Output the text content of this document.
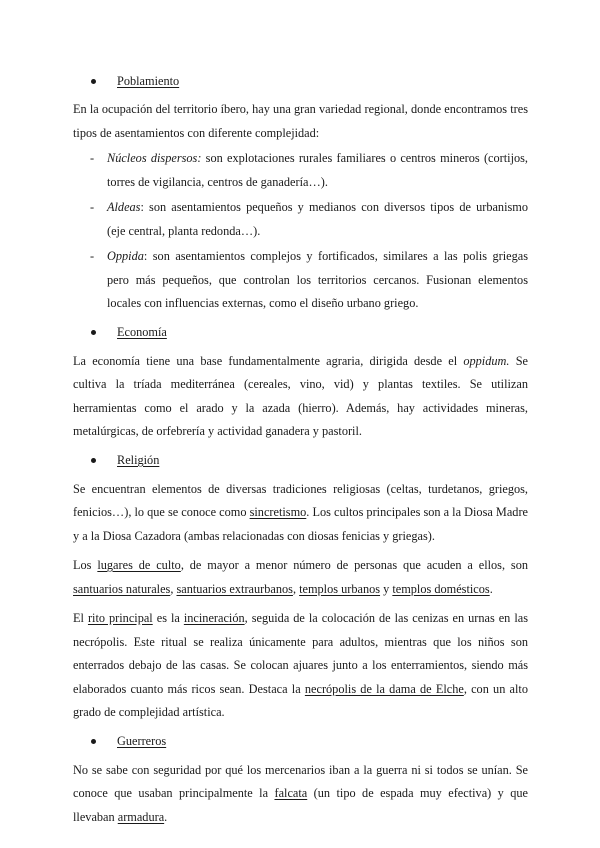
Poblamiento

En la ocupación del territorio íbero, hay una gran variedad regional, donde encontramos tres tipos de asentamientos con diferente complejidad:

- Núcleos dispersos: son explotaciones rurales familiares o centros mineros (cortijos, torres de vigilancia, centros de ganadería…).
- Aldeas: son asentamientos pequeños y medianos con diversos tipos de urbanismo (eje central, planta redonda…).
- Oppida: son asentamientos complejos y fortificados, similares a las polis griegas pero más pequeños, que controlan los territorios cercanos. Fusionan elementos locales con influencias externas, como el diseño urbano griego.
Economía

La economía tiene una base fundamentalmente agraria, dirigida desde el oppidum. Se cultiva la tríada mediterránea (cereales, vino, vid) y plantas textiles. Se utilizan herramientas como el arado y la azada (hierro). Además, hay actividades mineras, metalúrgicas, de orfebrería y actividad ganadera y pastoril.

Religión

Se encuentran elementos de diversas tradiciones religiosas (celtas, turdetanos, griegos, fenicios…), lo que se conoce como sincretismo. Los cultos principales son a la Diosa Madre y a la Diosa Cazadora (ambas relacionadas con diosas fenicias y griegas).

Los lugares de culto, de mayor a menor número de personas que acuden a ellos, son santuarios naturales, santuarios extraurbanos, templos urbanos y templos domésticos.

El rito principal es la incineración, seguida de la colocación de las cenizas en urnas en las necrópolis. Este ritual se realiza únicamente para adultos, mientras que los niños son enterrados debajo de las casas. Se colocan ajuares junto a los enterramientos, siendo más elaborados cuanto más ricos sean. Destaca la necrópolis de la dama de Elche, con un alto grado de complejidad artística.

Guerreros

No se sabe con seguridad por qué los mercenarios iban a la guerra ni si todos se unían. Se conoce que usaban principalmente la falcata (un tipo de espada muy efectiva) y que llevaban armadura.
